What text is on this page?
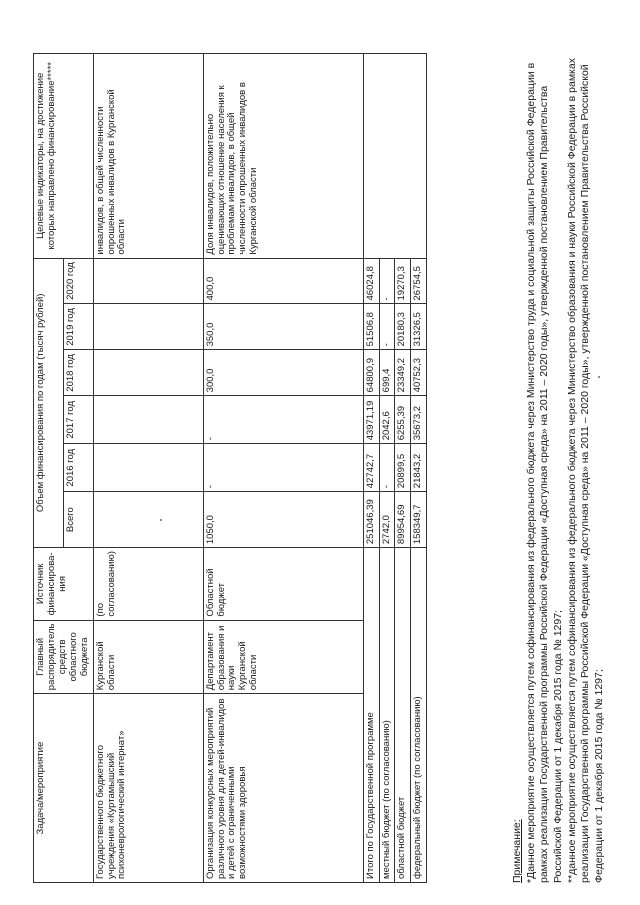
Задача/мероприятие	Главный распорядитель средств областного бюджета	Источник финансирова-ния	Объем финансирования по годам (тысяч рублей)						Целевые индикаторы, на достижение которых направлено финансирование*****
			Всего	2016 год	2017 год	2018 год	2019 год	2020 год	
Государственного бюджетного учреждения «Куртамышский психоневрологический интернат»	Курганской области	(по согласованию)							инвалидов, в общей численности опрошенных инвалидов в Курганской области
Организация конкурсных мероприятий различного уровня для детей-инвалидов и детей с ограниченными возможностями здоровья	Департамент образования и науки Курганской области	Областной бюджет	1050,0	-	-	300,0	350,0	400,0	Доля инвалидов, положительно оценивающих отношение населения к проблемам инвалидов, в общей численности опрошенных инвалидов в Курганской области
Итого по Государственной программе			251046,39	42742,7	43971,19	64800,9	51506,8	46024,8	
местный бюджет (по согласованию)			2742,0	-	2042,6	699,4	-	-	
областной бюджет			89954,69	20899,5	6255,39	23349,2	20180,3	19270,3	
федеральный бюджет (по согласованию)			158349,7	21843,2	35673,2	40752,3	31326,5	26754,5	
Примечание: *Данное мероприятие осуществляется путем софинансирования из федерального бюджета через Министерство труда и социальной защиты Российской Федерации в рамках реализации Государственной программы Российской Федерации «Доступная среда» на 2011 – 2020 годы», утвержденной постановлением Правительства Российской Федерации от 1 декабря 2015 года № 1297; **данное мероприятие осуществляется путем софинансирования из федерального бюджета через Министерство образования и науки Российской Федерации в рамках реализации Государственной программы Российской Федерации «Доступная среда» на 2011 – 2020 годы», утвержденной постановлением Правительства Российской Федерации от 1 декабря 2015 года № 1297;
